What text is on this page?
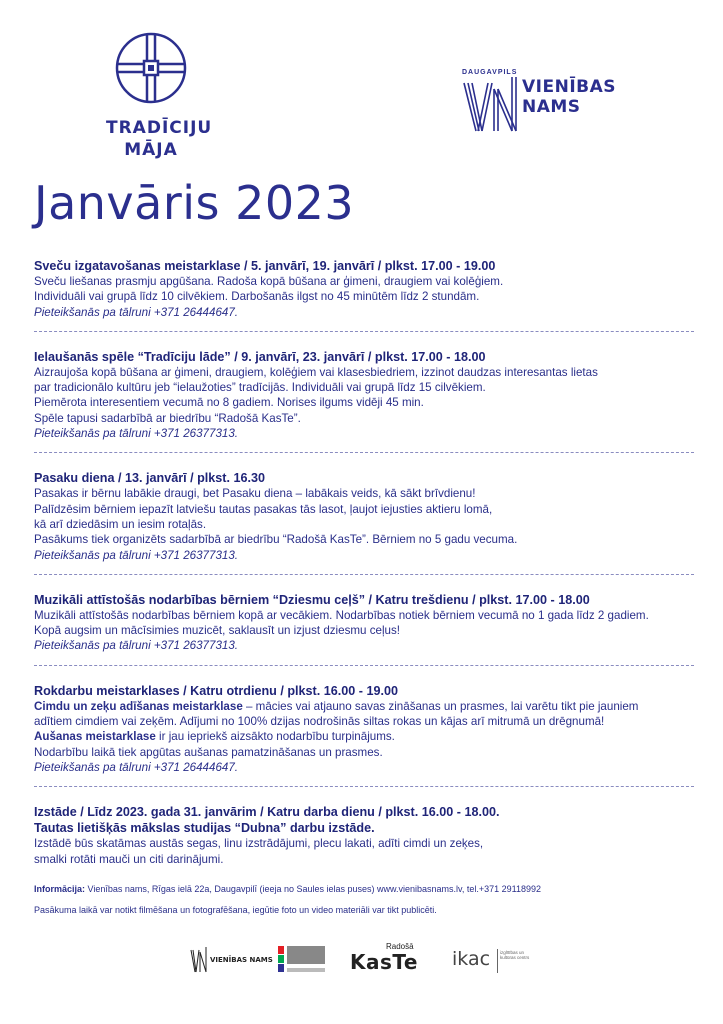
TRADĪCIJU
MĀJA
DAUGAVPILS
VIENĪBAS NAMS
Janvāris 2023
Sveču izgatavošanas meistarklase / 5. janvārī, 19. janvārī / plkst. 17.00 - 19.00
Sveču liešanas prasmju apgūšana. Radoša kopā būšana ar ģimeni, draugiem vai kolēģiem.
Individuāli vai grupā līdz 10 cilvēkiem. Darbošanās ilgst no 45 minūtēm līdz 2 stundām.
Pieteikšanās pa tālruni +371 26444647.
Ielaušanās spēle “Tradīciju lāde” / 9. janvārī, 23. janvārī / plkst. 17.00 - 18.00
Aizraujoša kopā būšana ar ģimeni, draugiem, kolēģiem vai klasesbiedriem, izzinot daudzas interesantas lietas
par tradicionālo kultūru jeb “ielaužoties” tradīcijās. Individuāli vai grupā līdz 15 cilvēkiem.
Piemērota interesentiem vecumā no 8 gadiem. Norises ilgums vidēji 45 min.
Spēle tapusi sadarbībā ar biedrību “Radošā KasTe”.
Pieteikšanās pa tālruni +371 26377313.
Pasaku diena / 13. janvārī / plkst. 16.30
Pasakas ir bērnu labākie draugi, bet Pasaku diena – labākais veids, kā sākt brīvdienu!
Palīdzēsim bērniem iepazīt latviešu tautas pasakas tās lasot, ļaujot iejusties aktieru lomā,
kā arī dziedāsim un iesim rotaļās.
Pasākums tiek organizēts sadarbībā ar biedrību “Radošā KasTe”. Bērniem no 5 gadu vecuma.
Pieteikšanās pa tālruni +371 26377313.
Muzikāli attīstošās nodarbības bērniem “Dziesmu ceļš” / Katru trešdienu / plkst. 17.00 - 18.00
Muzikāli attīstošās nodarbības bērniem kopā ar vecākiem. Nodarbības notiek bērniem vecumā no 1 gada līdz 2 gadiem.
Kopā augsim un mācīsimies muzicēt, saklausīt un izjust dziesmu ceļus!
Pieteikšanās pa tālruni +371 26377313.
Rokdarbu meistarklases / Katru otrdienu / plkst. 16.00 - 19.00
Cimdu un zeķu adīšanas meistarklase – mācies vai atjauno savas zināšanas un prasmes, lai varētu tikt pie jauniem
adītiem cimdiem vai zeķēm. Adījumi no 100% dzijas nodrošinās siltas rokas un kājas arī mitrumā un drēgnumā!
Aušanas meistarklase ir jau iepriekš aizsākto nodarbību turpinājums.
Nodarbību laikā tiek apgūtas aušanas pamatzināšanas un prasmes.
Pieteikšanās pa tālruni +371 26444647.
Izstāde / Līdz 2023. gada 31. janvārim / Katru darba dienu / plkst. 16.00 - 18.00.
Tautas lietišķās mākslas studijas “Dubna” darbu izstāde.
Izstādē būs skatāmas austās segas, linu izstrādājumi, plecu lakati, adīti cimdi un zeķes,
smalki rotāti mauči un citi darinājumi.
Informācija: Vienības nams, Rīgas ielā 22a, Daugavpilī (ieeja no Saules ielas puses) www.vienibasnams.lv, tel.+371 29118992
Pasākuma laikā var notikt filmēšana un fotografēšana, iegūtie foto un video materiāli var tikt publicēti.
VIENĪBAS NAMS
Radošā
KasTe ikac izglītības un kultūras centrs
